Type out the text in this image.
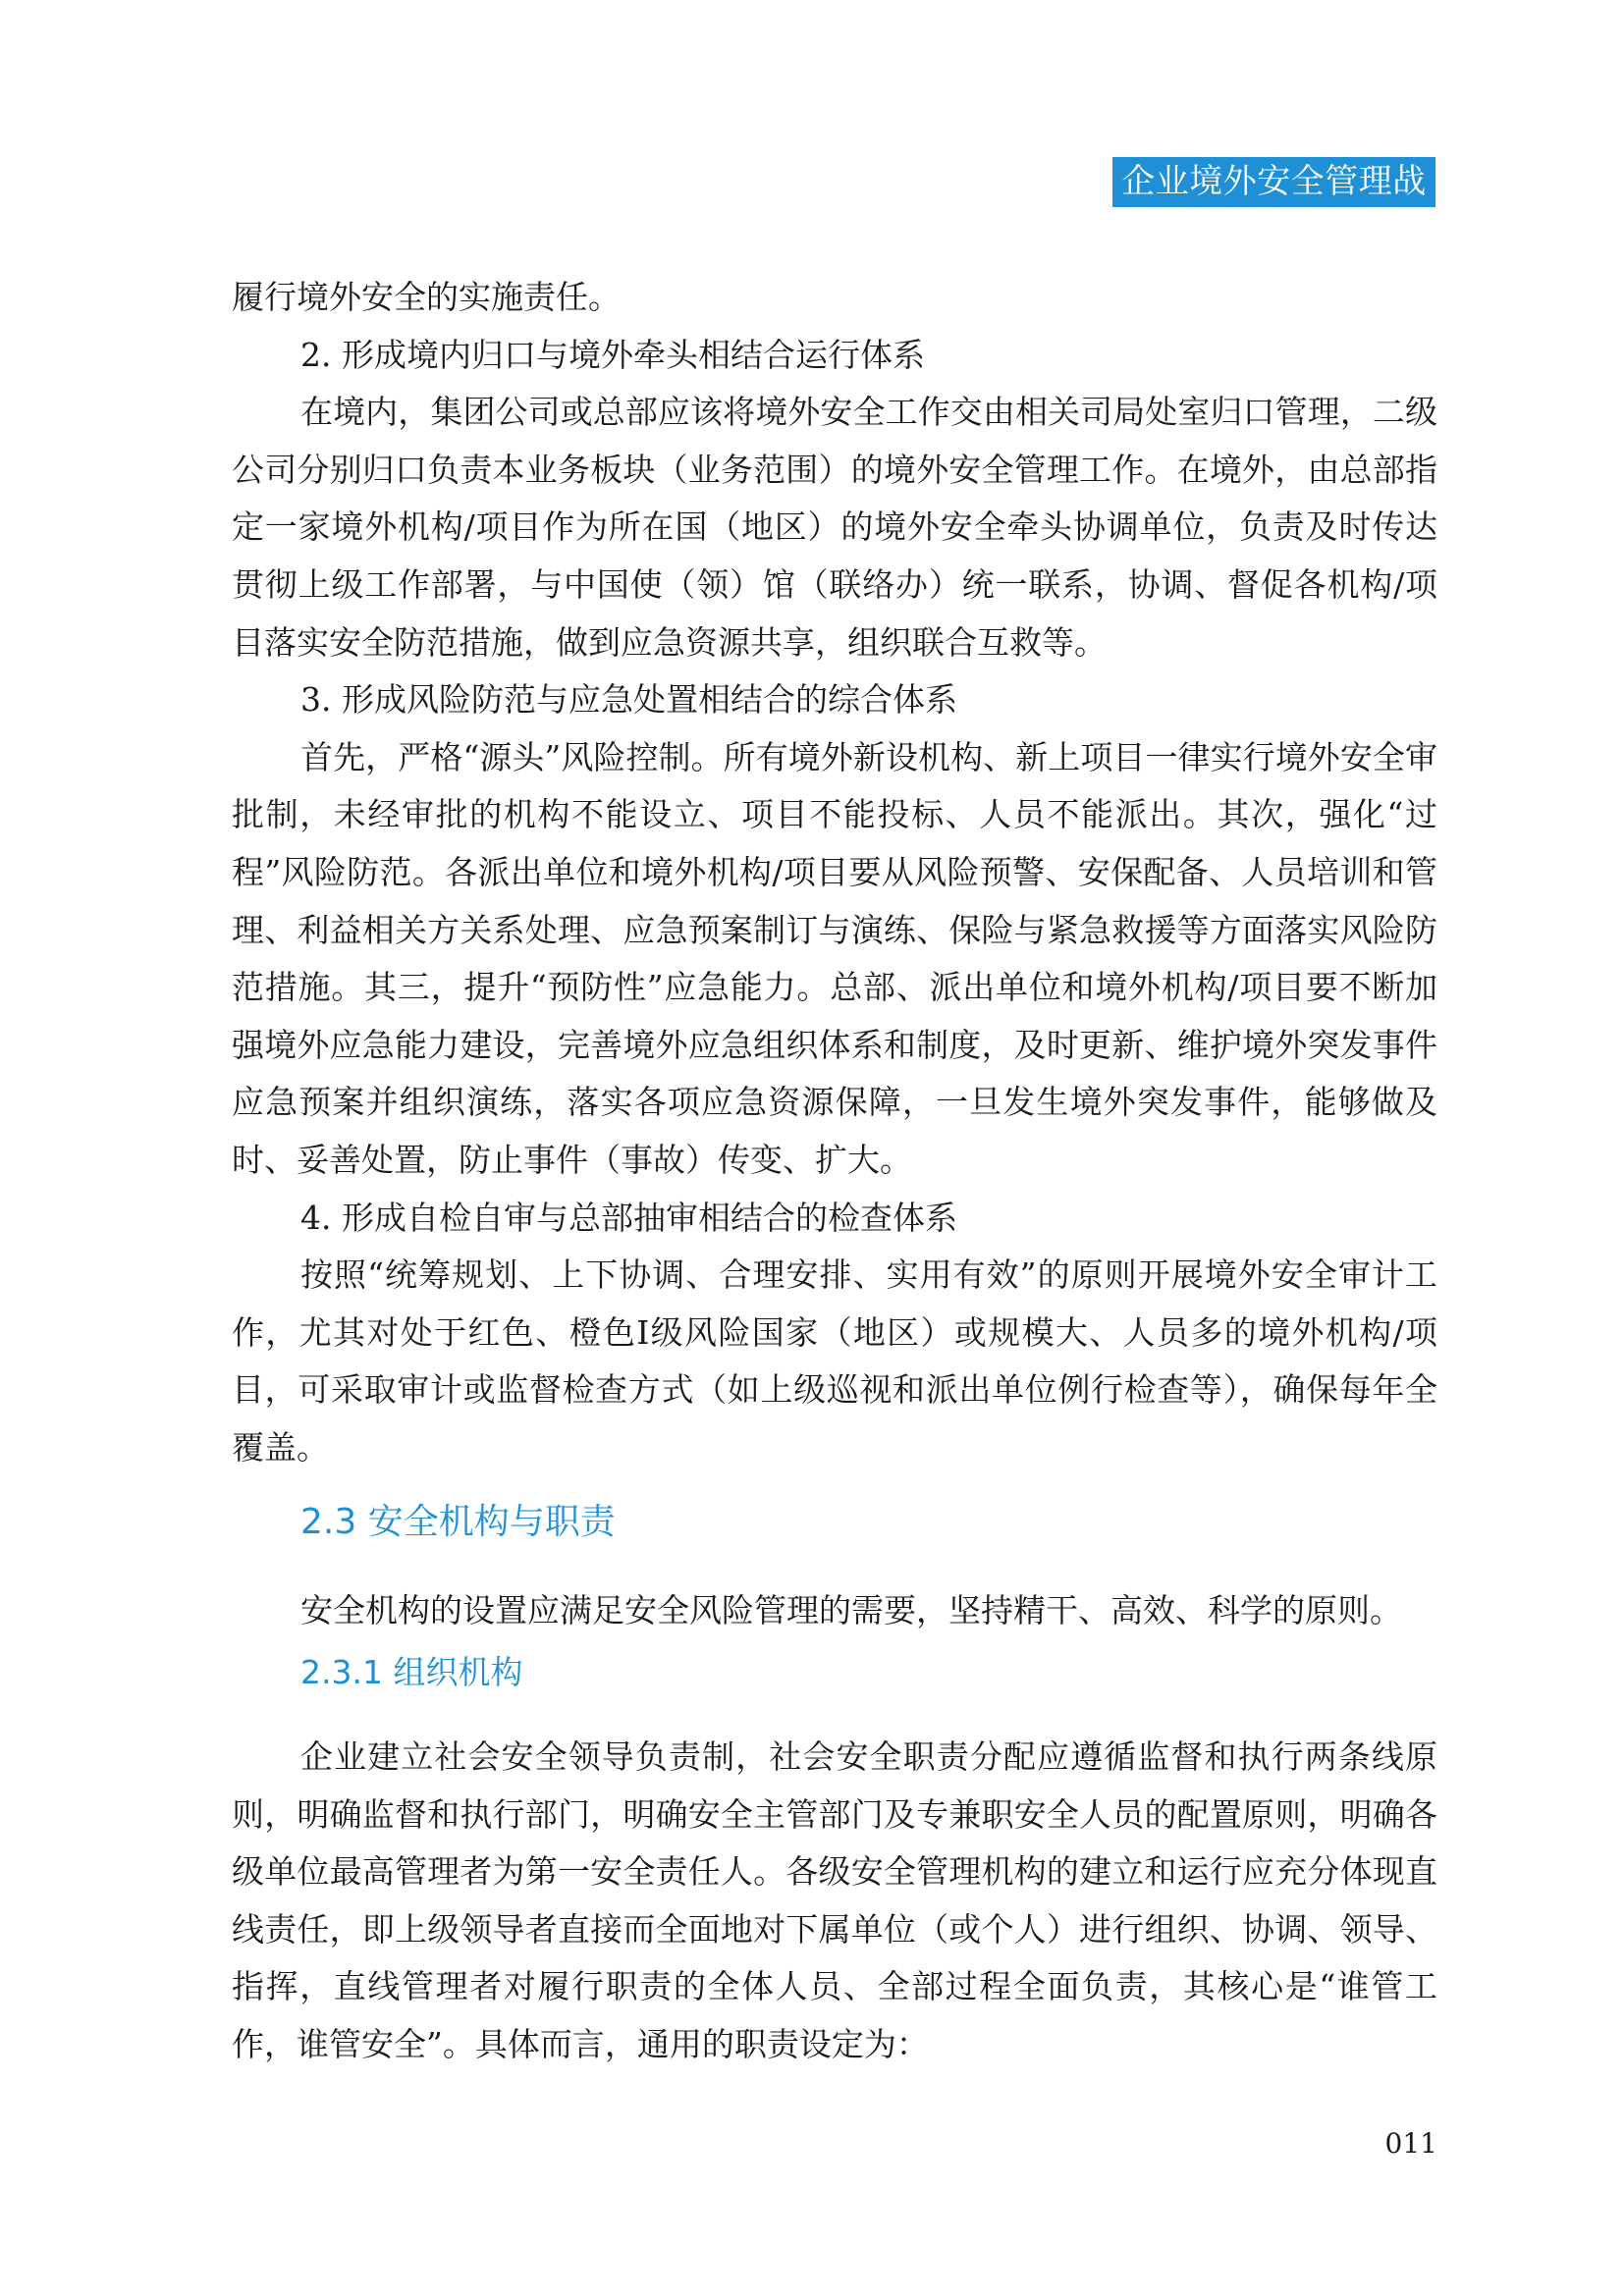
企业境外安全管理战略

履行境外安全的实施责任。

2. 形成境内归口与境外牵头相结合运行体系

在境内，集团公司或总部应该将境外安全工作交由相关司局处室归口管理，二级公司分别归口负责本业务板块（业务范围）的境外安全管理工作。在境外，由总部指定一家境外机构/项目作为所在国（地区）的境外安全牵头协调单位，负责及时传达贯彻上级工作部署，与中国使（领）馆（联络办）统一联系，协调、督促各机构/项目落实安全防范措施，做到应急资源共享，组织联合互救等。

3. 形成风险防范与应急处置相结合的综合体系

首先，严格“源头”风险控制。所有境外新设机构、新上项目一律实行境外安全审批制，未经审批的机构不能设立、项目不能投标、人员不能派出。其次，强化“过程”风险防范。各派出单位和境外机构/项目要从风险预警、安保配备、人员培训和管理、利益相关方关系处理、应急预案制订与演练、保险与紧急救援等方面落实风险防范措施。其三，提升“预防性”应急能力。总部、派出单位和境外机构/项目要不断加强境外应急能力建设，完善境外应急组织体系和制度，及时更新、维护境外突发事件应急预案并组织演练，落实各项应急资源保障，一旦发生境外突发事件，能够做及时、妥善处置，防止事件（事故）传变、扩大。

4. 形成自检自审与总部抽审相结合的检查体系

按照“统筹规划、上下协调、合理安排、实用有效”的原则开展境外安全审计工作，尤其对处于红色、橙色I级风险国家（地区）或规模大、人员多的境外机构/项目，可采取审计或监督检查方式（如上级巡视和派出单位例行检查等），确保每年全覆盖。

2.3 安全机构与职责

安全机构的设置应满足安全风险管理的需要，坚持精干、高效、科学的原则。

2.3.1 组织机构

企业建立社会安全领导负责制，社会安全职责分配应遵循监督和执行两条线原则，明确监督和执行部门，明确安全主管部门及专兼职安全人员的配置原则，明确各级单位最高管理者为第一安全责任人。各级安全管理机构的建立和运行应充分体现直线责任，即上级领导者直接而全面地对下属单位（或个人）进行组织、协调、领导、指挥，直线管理者对履行职责的全体人员、全部过程全面负责，其核心是“谁管工作，谁管安全”。具体而言，通用的职责设定为：

011
